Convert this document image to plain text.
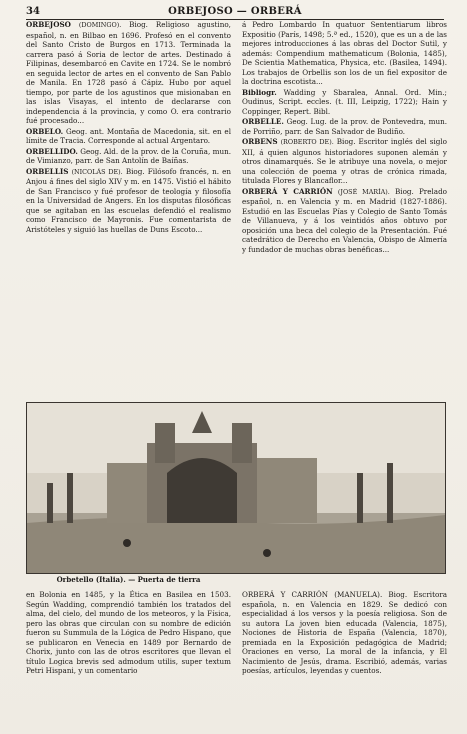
34	ORBEJOSO — ORBERÁ

ORBEJOSO (DOMINGO). Biog. Religioso agustino, español, n. en Bilbao en 1696. Profesó en el convento del Santo Cristo de Burgos en 1713. Terminada la carrera pasó á Soria de lector de artes. Destinado á Filipinas, desembarcó en Cavite en 1724. Se le nombró en seguida lector de artes en el convento de San Pablo de Manila. En 1728 pasó á Cápiz. Hubo por aquel tiempo, por parte de los agustinos que misionaban en las islas Visayas, el intento de declararse con independencia á la provincia, y como O. era contrario fué procesado...

ORBELO. Geog. ant. Montaña de Macedonia, sit. en el límite de Tracia. Corresponde al actual Argentaro.

ORBELLIDO. Geog. Ald. de la prov. de la Coruña, mun. de Vimianzo, parr. de San Antolín de Baíñas.

ORBELLIS (NICOLÁS DE). Biog. Filósofo francés, n. en Anjou á fines del siglo XIV y m. en 1475. Vistió el hábito de San Francisco y fué profesor de teología y filosofía en la Universidad de Angers. En los disputas filosóficas que se agitaban en las escuelas defendió el realismo como Francisco de Mayronis. Fue comentarista de Aristóteles y siguió las huellas de Duns Escoto...

á Pedro Lombardo In quatuor Sententiarum libros Expositio (París, 1498; 5.ª ed., 1520), que es un a de las mejores introducciones á las obras del Doctor Sutil, y además: Compendium mathematicum (Bolonia, 1485), De Scientia Mathematica, Physica, etc. (Basilea, 1494). Los trabajos de Orbellis son los de un fiel expositor de la doctrina escotista...

Bibliogr. Wadding y Sbaralea, Annal. Ord. Min.; Oudinus, Script. eccles. (t. III, Leipzig, 1722); Hain y Coppinger, Repert. Bibl.

ORBELLE. Geog. Lug. de la prov. de Pontevedra, mun. de Porriño, parr. de San Salvador de Budiño.

ORBENS (ROBERTO DE). Biog. Escritor inglés del siglo XII, á quien algunos historiadores suponen alemán y otros dinamarqués. Se le atribuye una novela, o mejor una colección de poema y otras de crónica rimada, titulada Flores y Blancaflor...

ORBERÁ Y CARRIÓN (JOSÉ MARÍA). Biog. Prelado español, n. en Valencia y m. en Madrid (1827-1886). Estudió en las Escuelas Pías y Colegio de Santo Tomás de Villanueva, y á los veintidós años obtuvo por oposición una beca del colegio de la Presentación. Fué catedrático de Derecho en Valencia, Obispo de Almería y fundador de muchas obras benéficas...

Orbetello (Italia). — Puerta de tierra
en Bolonia en 1485, y la Ética en Basilea en 1503. Según Wadding, comprendió también los tratados del alma, del cielo, del mundo de los meteoros, y la Física, pero las obras que circulan con su nombre de edición fueron su Summula de la Lógica de Pedro Hispano, que se publicaron en Venecia en 1489 por Bernardo de Chorix, junto con las de otros escritores que llevan el título Logica brevis sed admodum utilis, super textum Petri Hispani, y un comentario
ORBERÁ Y CARRIÓN (MANUELA). Biog. Escritora española, n. en Valencia en 1829. Se dedicó con especialidad á los versos y la poesía religiosa. Son de su autora La joven bien educada (Valencia, 1875), Nociones de Historia de España (Valencia, 1870), premiada en la Exposición pedagógica de Madrid; Oraciones en verso, La moral de la infancia, y El Nacimiento de Jesús, drama. Escribió, además, varias poesías, artículos, leyendas y cuentos.
